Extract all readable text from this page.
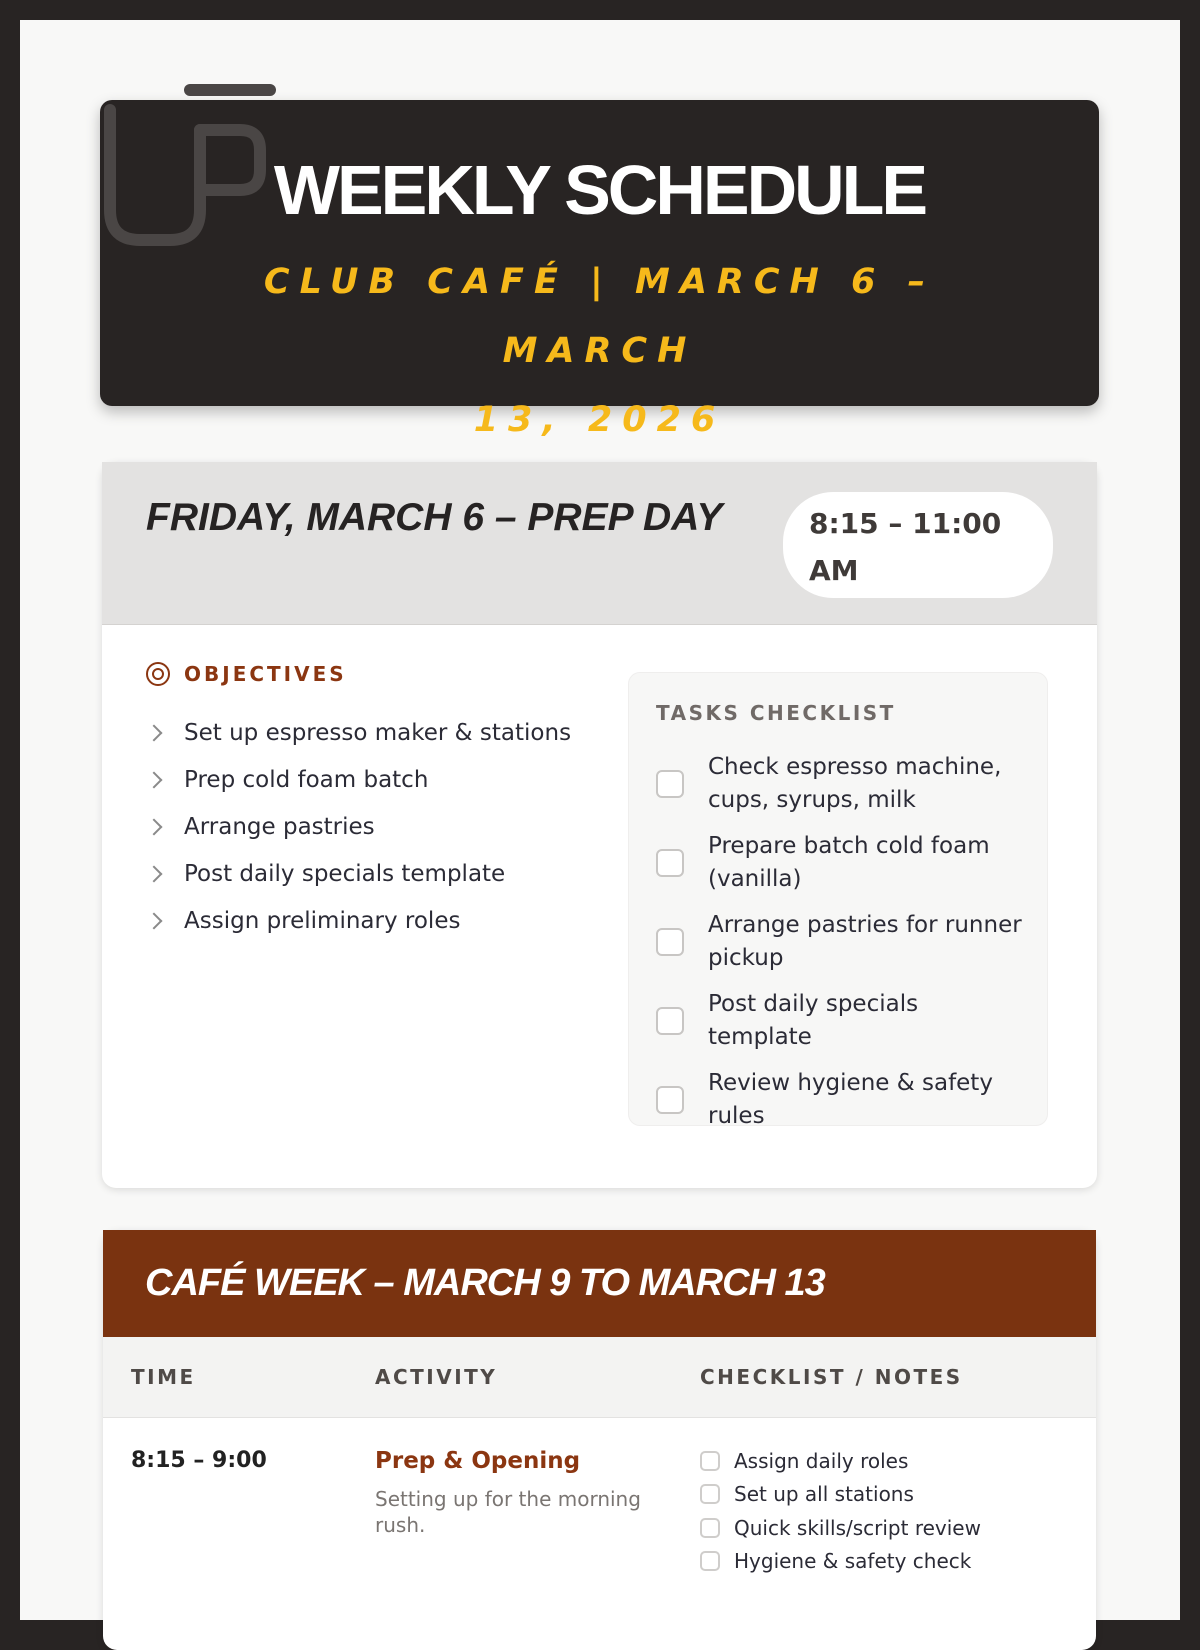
WEEKLY SCHEDULE
CLUB CAFÉ | MARCH 6 – MARCH
13, 2026
FRIDAY, MARCH 6 – PREP DAY	8:15 – 11:00
AM
OBJECTIVES
Set up espresso maker & stations
Prep cold foam batch
Arrange pastries
Post daily specials template
Assign preliminary roles
TASKS CHECKLIST
Check espresso machine, cups, syrups, milk
Prepare batch cold foam (vanilla)
Arrange pastries for runner pickup
Post daily specials template
Review hygiene & safety rules
CAFÉ WEEK – MARCH 9 TO MARCH 13
TIME	ACTIVITY	CHECKLIST / NOTES
8:15 – 9:00	Prep & Opening
Setting up for the morning rush.
Assign daily roles
Set up all stations
Quick skills/script review
Hygiene & safety check
